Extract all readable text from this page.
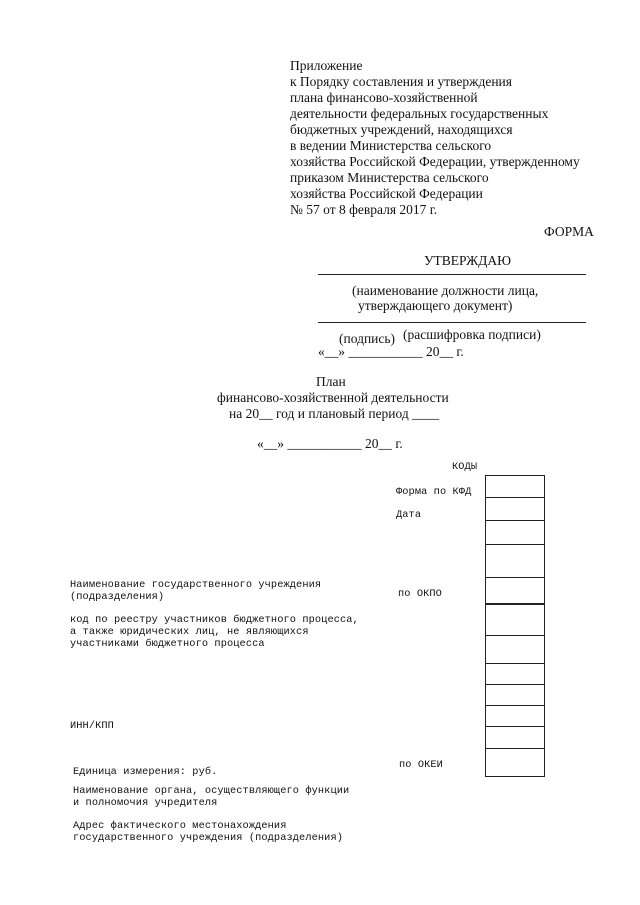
Приложение
к Порядку составления и утверждения
плана финансово-хозяйственной
деятельности федеральных государственных
бюджетных учреждений, находящихся
в ведении Министерства сельского
хозяйства Российской Федерации, утвержденному
приказом Министерства сельского
хозяйства Российской Федерации
№ 57 от 8 февраля 2017 г.
ФОРМА
УТВЕРЖДАЮ
(наименование должности лица,
утверждающего документ)
(подпись) (расшифровка подписи)
«__» ___________ 20__ г.
План
финансово-хозяйственной деятельности
на 20__ год и плановый период ____
«__» ___________ 20__ г.
КОДЫ
Форма по КФД
Дата
по ОКПО
по ОКЕИ
Наименование государственного учреждения
(подразделения)
код по реестру участников бюджетного процесса,
а также юридических лиц, не являющихся
участниками бюджетного процесса
ИНН/КПП
Единица измерения: руб.
Наименование органа, осуществляющего функции
и полномочия учредителя
Адрес фактического местонахождения
государственного учреждения (подразделения)
